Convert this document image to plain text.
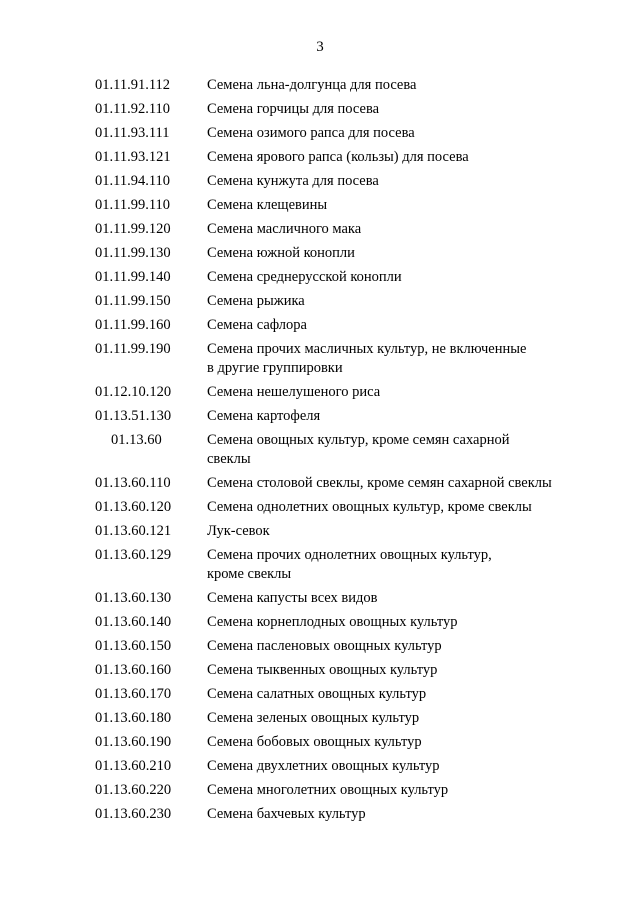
3
01.11.91.112	Семена льна-долгунца для посева
01.11.92.110	Семена горчицы для посева
01.11.93.111	Семена озимого рапса для посева
01.11.93.121	Семена ярового рапса (кользы) для посева
01.11.94.110	Семена кунжута для посева
01.11.99.110	Семена клещевины
01.11.99.120	Семена масличного мака
01.11.99.130	Семена южной конопли
01.11.99.140	Семена среднерусской конопли
01.11.99.150	Семена рыжика
01.11.99.160	Семена сафлора
01.11.99.190	Семена прочих масличных культур, не включенные
в другие группировки
01.12.10.120	Семена нешелушеного риса
01.13.51.130	Семена картофеля
01.13.60	Семена овощных культур, кроме семян сахарной
свеклы
01.13.60.110	Семена столовой свеклы, кроме семян сахарной свеклы
01.13.60.120	Семена однолетних овощных культур, кроме свеклы
01.13.60.121	Лук-севок
01.13.60.129	Семена прочих однолетних овощных культур,
кроме свеклы
01.13.60.130	Семена капусты всех видов
01.13.60.140	Семена корнеплодных овощных культур
01.13.60.150	Семена пасленовых овощных культур
01.13.60.160	Семена тыквенных овощных культур
01.13.60.170	Семена салатных овощных культур
01.13.60.180	Семена зеленых овощных культур
01.13.60.190	Семена бобовых овощных культур
01.13.60.210	Семена двухлетних овощных культур
01.13.60.220	Семена многолетних овощных культур
01.13.60.230	Семена бахчевых культур
